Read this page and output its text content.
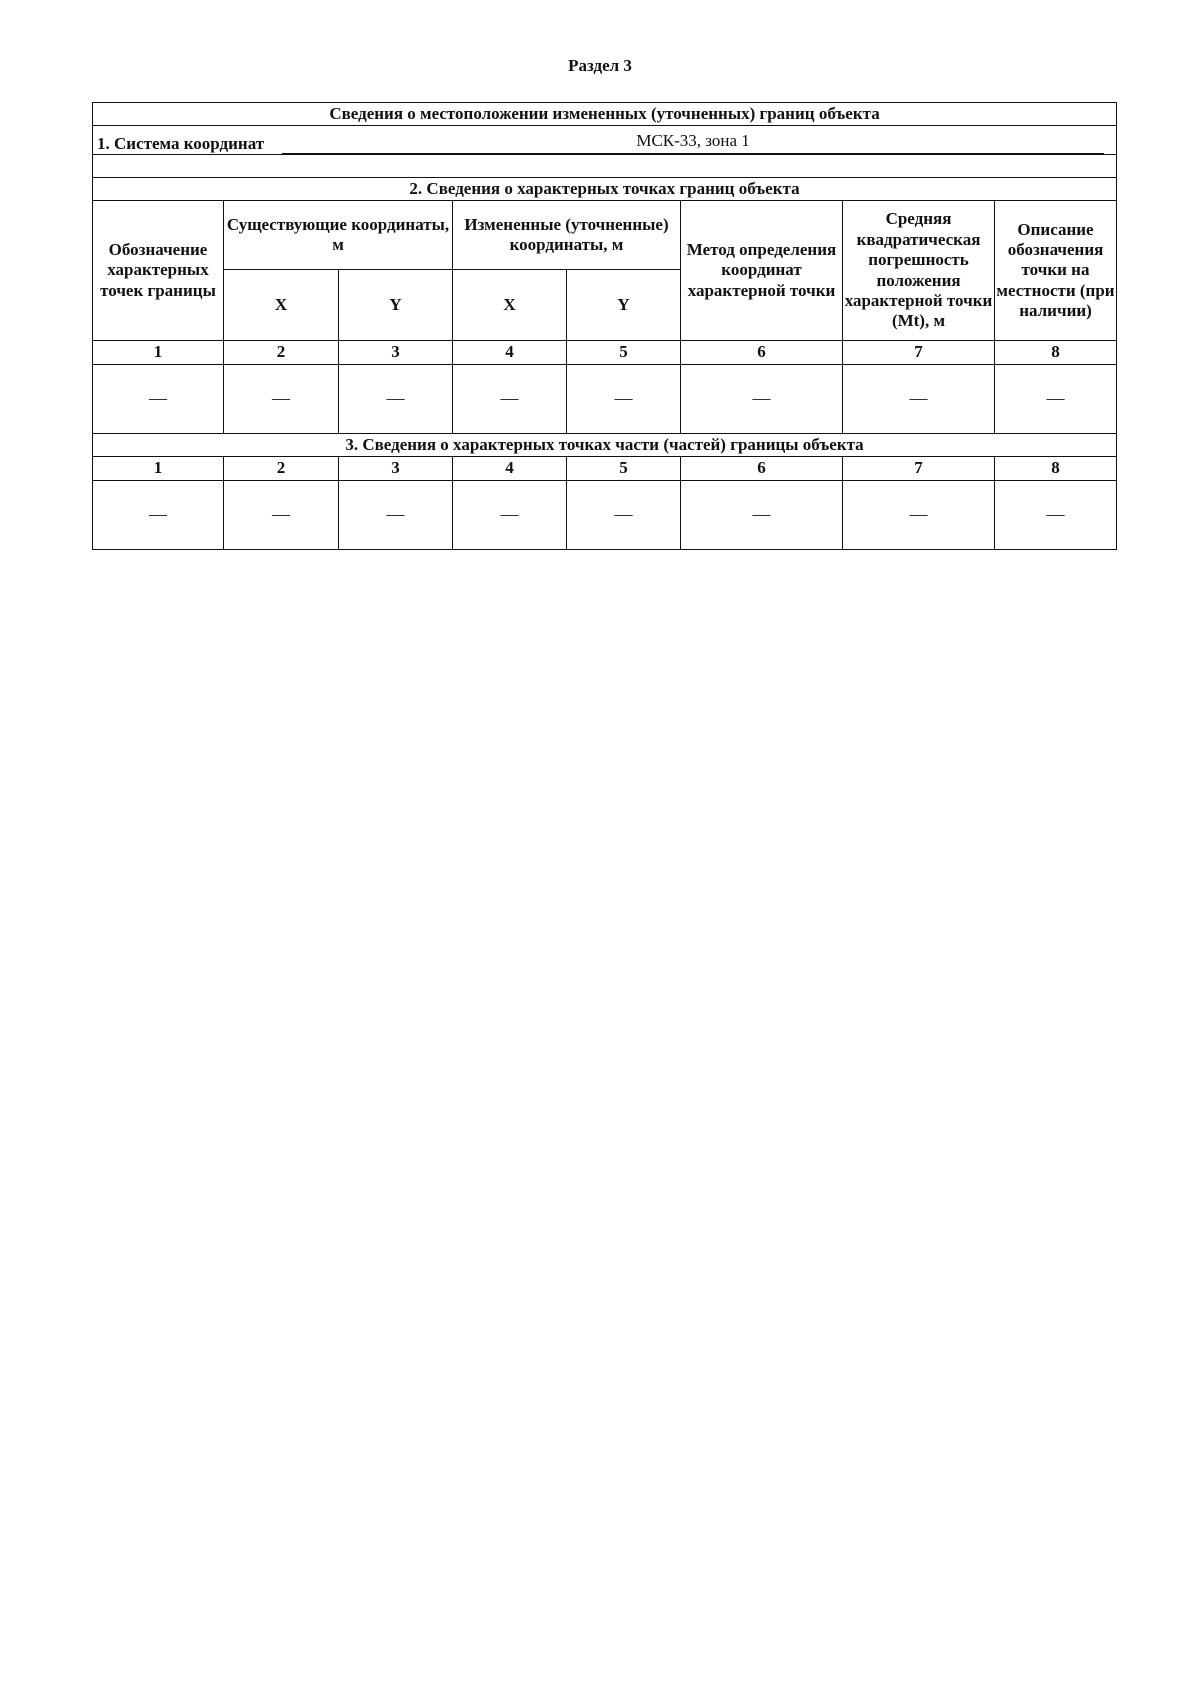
Раздел 3
Сведения о местоположении измененных (уточненных) границ объекта							

1. Система координат МСК-33, зона 1							

2. Сведения о характерных точках границ объекта							
Обозначение характерных точек границы	Существующие координаты, м		Измененные (уточненные) координаты, м		Метод определения координат характерной точки	Средняя квадратическая погрешность положения характерной точки (Mt), м	Описание обозначения точки на местности (при наличии)
	X	Y	X	Y			
1	2	3	4	5	6	7	8
—	—	—	—	—	—	—	—
3. Сведения о характерных точках части (частей) границы объекта							
1	2	3	4	5	6	7	8
—	—	—	—	—	—	—	—
